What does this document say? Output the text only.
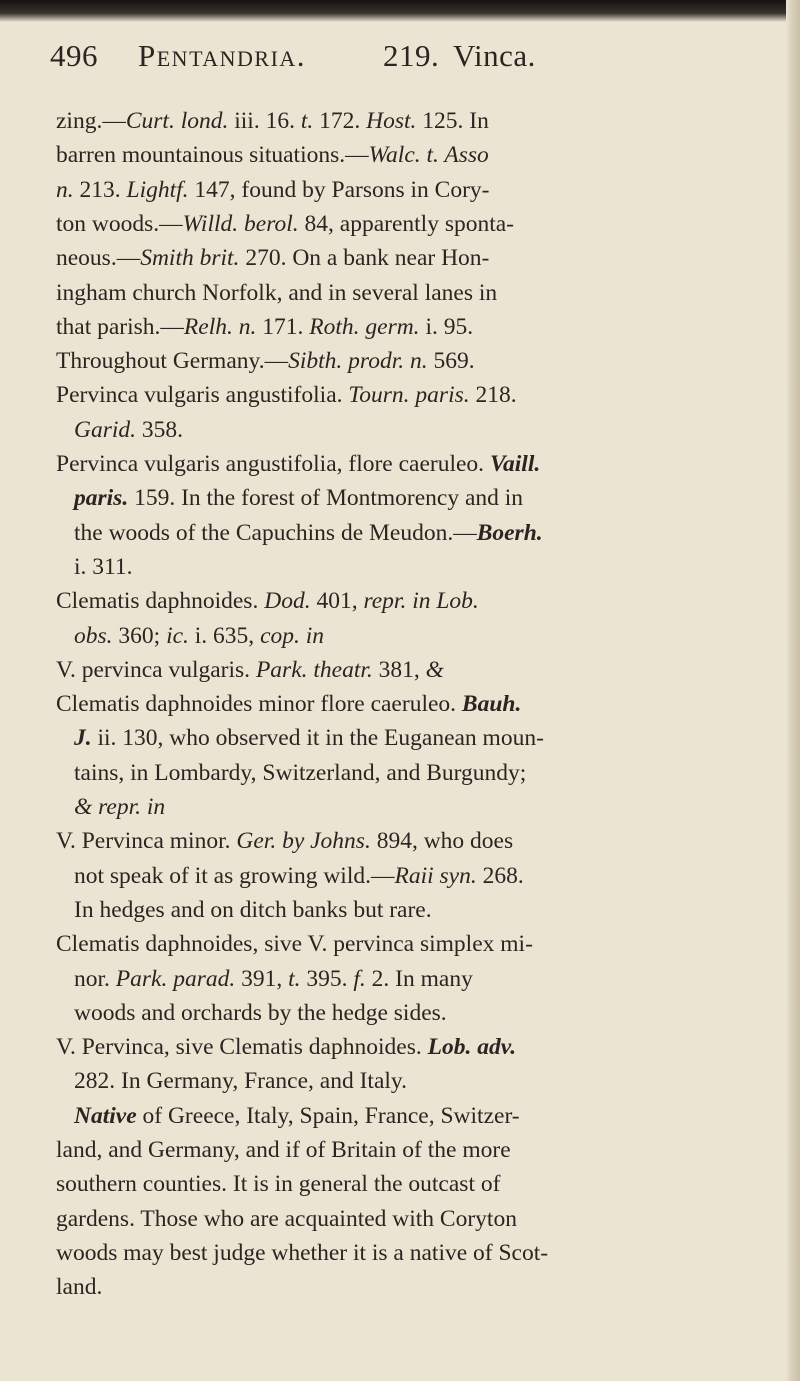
496 Pentandria. 219. Vinca.
zing.—Curt. lond. iii. 16. t. 172. Host. 125. In
barren mountainous situations.—Walc. t. Asso
n. 213. Lightf. 147, found by Parsons in Cory-
ton woods.—Willd. berol. 84, apparently sponta-
neous.—Smith brit. 270. On a bank near Hon-
ingham church Norfolk, and in several lanes in
that parish.—Relh. n. 171. Roth. germ. i. 95.
Throughout Germany.—Sibth. prodr. n. 569.
Pervinca vulgaris angustifolia. Tourn. paris. 218.
Garid. 358.
Pervinca vulgaris angustifolia, flore caeruleo. Vaill.
paris. 159. In the forest of Montmorency and in
the woods of the Capuchins de Meudon.—Boerh.
i. 311.
Clematis daphnoides. Dod. 401, repr. in Lob.
obs. 360; ic. i. 635, cop. in
V. pervinca vulgaris. Park. theatr. 381, &
Clematis daphnoides minor flore caeruleo. Bauh.
J. ii. 130, who observed it in the Euganean moun-
tains, in Lombardy, Switzerland, and Burgundy;
& repr. in
V. Pervinca minor. Ger. by Johns. 894, who does
not speak of it as growing wild.—Raii syn. 268.
In hedges and on ditch banks but rare.
Clematis daphnoides, sive V. pervinca simplex mi-
nor. Park. parad. 391, t. 395. f. 2. In many
woods and orchards by the hedge sides.
V. Pervinca, sive Clematis daphnoides. Lob. adv.
282. In Germany, France, and Italy.
Native of Greece, Italy, Spain, France, Switzer-
land, and Germany, and if of Britain of the more
southern counties. It is in general the outcast of
gardens. Those who are acquainted with Coryton
woods may best judge whether it is a native of Scot-
land.
